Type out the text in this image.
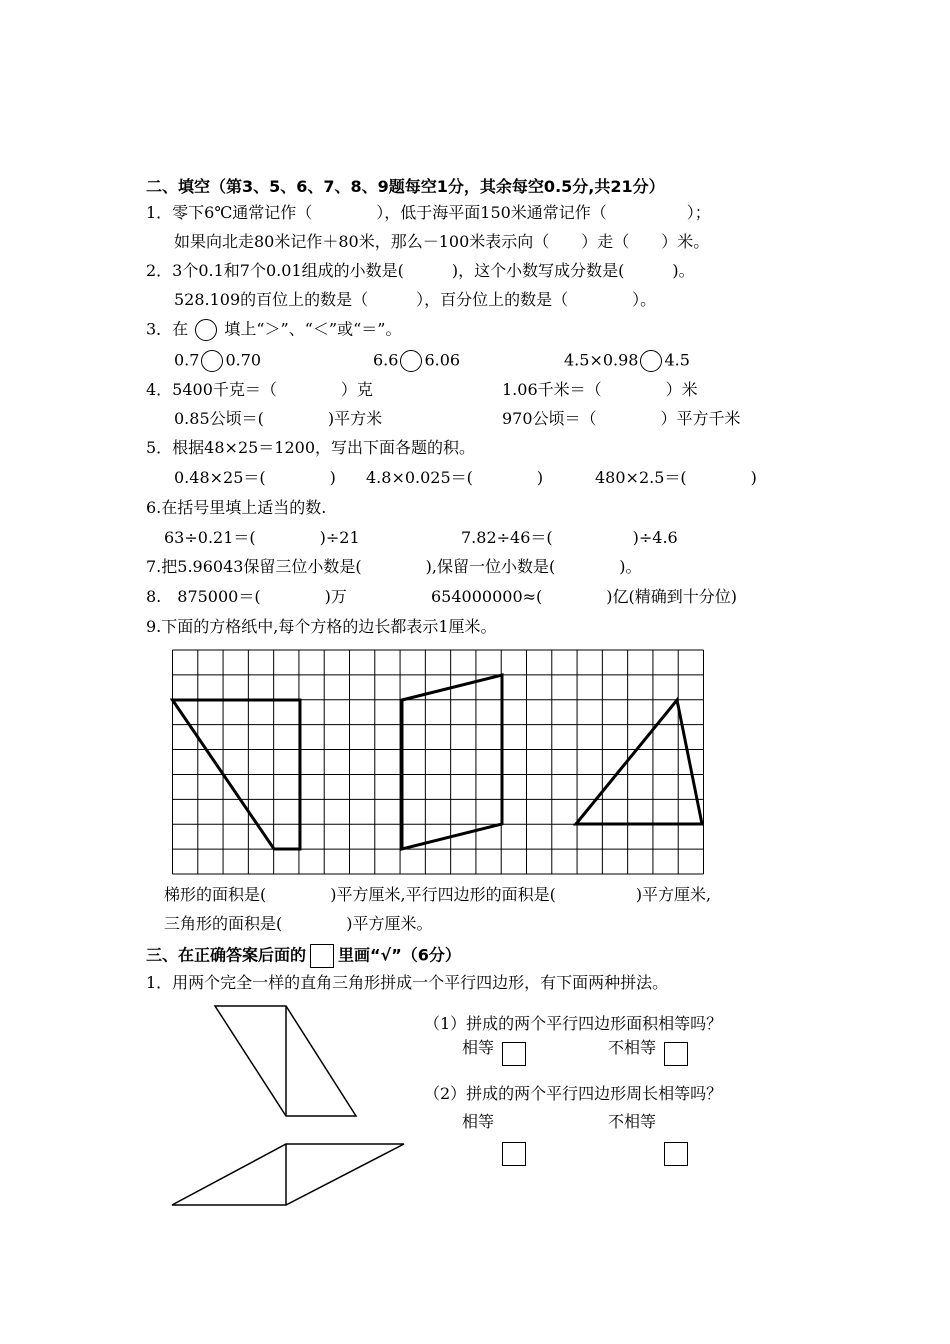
二、填空（第3、5、6、7、8、9题每空1分，其余每空0.5分,共21分）
1．零下6℃通常记作（　　　　），低于海平面150米通常记作（　　　　　）；
如果向北走80米记作＋80米，那么－100米表示向（　　）走（　　）米。
2．3个0.1和7个0.01组成的小数是(　　　)，这个小数写成分数是(　　　)。
528.109的百位上的数是（　　　），百分位上的数是（　　　　）。
3．在 填上“＞”、“＜”或“＝”。
0.7 0.70	6.6 6.06	4.5×0.98 4.5
4．5400千克＝（　　　　）克	1.06千米＝（　　　　）米
0.85公顷＝(　　　　)平方米	970公顷＝（　　　　）平方千米
5．根据48×25＝1200，写出下面各题的积。
0.48×25＝(　　　　) 4.8×0.025＝(　　　　)	480×2.5＝(　　　　)
6.在括号里填上适当的数.
63÷0.21＝(　　　　)÷21	7.82÷46＝(　　　　　)÷4.6
7.把5.96043保留三位小数是(　　　　),保留一位小数是(　　　　)。
8.　875000＝(　　　　)万	654000000≈(　　　　)亿(精确到十分位)
9.下面的方格纸中,每个方格的边长都表示1厘米。
梯形的面积是(　　　　)平方厘米,平行四边形的面积是(　　　　　)平方厘米,
三角形的面积是(　　　　)平方厘米。
三、在正确答案后面的 里画“√”（6分）
1．用两个完全一样的直角三角形拼成一个平行四边形，有下面两种拼法。
（1）拼成的两个平行四边形面积相等吗？
相等	不相等
（2）拼成的两个平行四边形周长相等吗？
相等	不相等
